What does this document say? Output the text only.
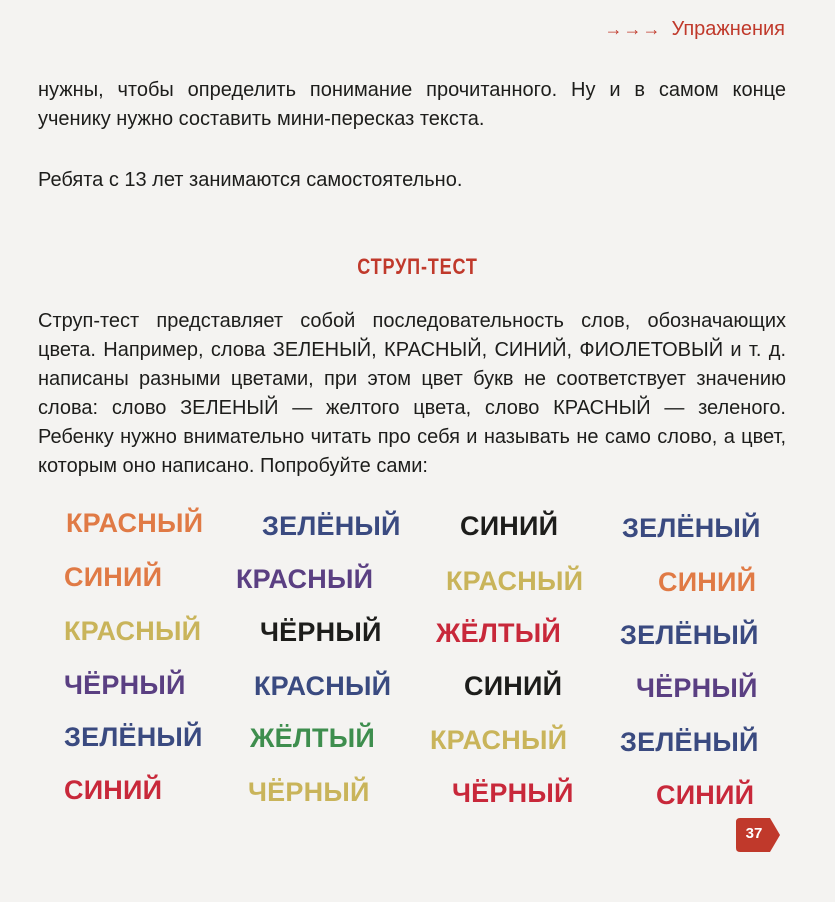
→→→ Упражнения

нужны, чтобы определить понимание прочитанного. Ну и в самом конце ученику нужно составить мини-пересказ текста.

Ребята с 13 лет занимаются самостоятельно.

СТРУП-ТЕСТ

Струп-тест представляет собой последовательность слов, обозначающих цвета. Например, слова ЗЕЛЕНЫЙ, КРАСНЫЙ, СИНИЙ, ФИОЛЕТОВЫЙ и т. д. написаны разными цветами, при этом цвет букв не соответствует значению слова: слово ЗЕЛЕНЫЙ — желтого цвета, слово КРАСНЫЙ — зеленого. Ребенку нужно внимательно читать про себя и называть не само слово, а цвет, которым оно написано. Попробуйте сами:

КРАСНЫЙ ЗЕЛЁНЫЙ СИНИЙ ЗЕЛЁНЫЙ
СИНИЙ	КРАСНЫЙ	КРАСНЫЙ	СИНИЙ
КРАСНЫЙ ЧЁРНЫЙ ЖЁЛТЫЙ ЗЕЛЁНЫЙ
ЧЁРНЫЙ	КРАСНЫЙ	СИНИЙ	ЧЁРНЫЙ
ЗЕЛЁНЫЙ ЖЁЛТЫЙ КРАСНЫЙ ЗЕЛЁНЫЙ
СИНИЙ	ЧЁРНЫЙ	ЧЁРНЫЙ	СИНИЙ
37
